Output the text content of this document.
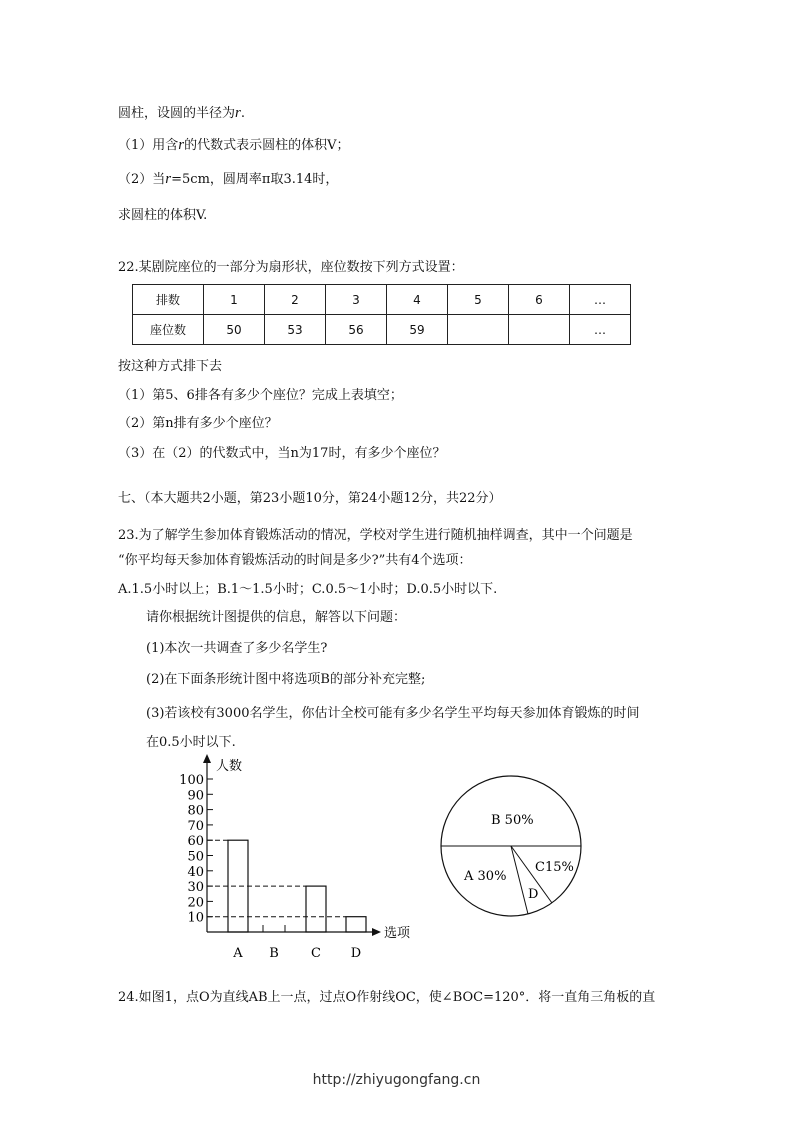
圆柱，设圆的半径为r.
（1）用含r的代数式表示圆柱的体积V；
（2）当r=5cm，圆周率π取3.14时，
求圆柱的体积V.
22.某剧院座位的一部分为扇形状，座位数按下列方式设置：
排数	1	2	3	4	5	6	…
座位数	50	53	56	59			…
按这种方式排下去
（1）第5、6排各有多少个座位？完成上表填空；
（2）第n排有多少个座位？
（3）在（2）的代数式中，当n为17时，有多少个座位？
七、（本大题共2小题，第23小题10分，第24小题12分，共22分）
23.为了解学生参加体育锻炼活动的情况，学校对学生进行随机抽样调查，其中一个问题是
“你平均每天参加体育锻炼活动的时间是多少?”共有4个选项：
A.1.5小时以上；B.1～1.5小时；C.0.5～1小时；D.0.5小时以下.
请你根据统计图提供的信息，解答以下问题：
(1)本次一共调查了多少名学生?
(2)在下面条形统计图中将选项B的部分补充完整;
(3)若该校有3000名学生，你估计全校可能有多少名学生平均每天参加体育锻炼的时间
在0.5小时以下.
人数
选项
10
20
30
40
50
60
70
80
90
100
A B C D
B 50%
C15%
D
A 30%
24.如图1，点O为直线AB上一点，过点O作射线OC，使∠BOC=120°．将一直角三角板的直
http://zhiyugongfang.cn
